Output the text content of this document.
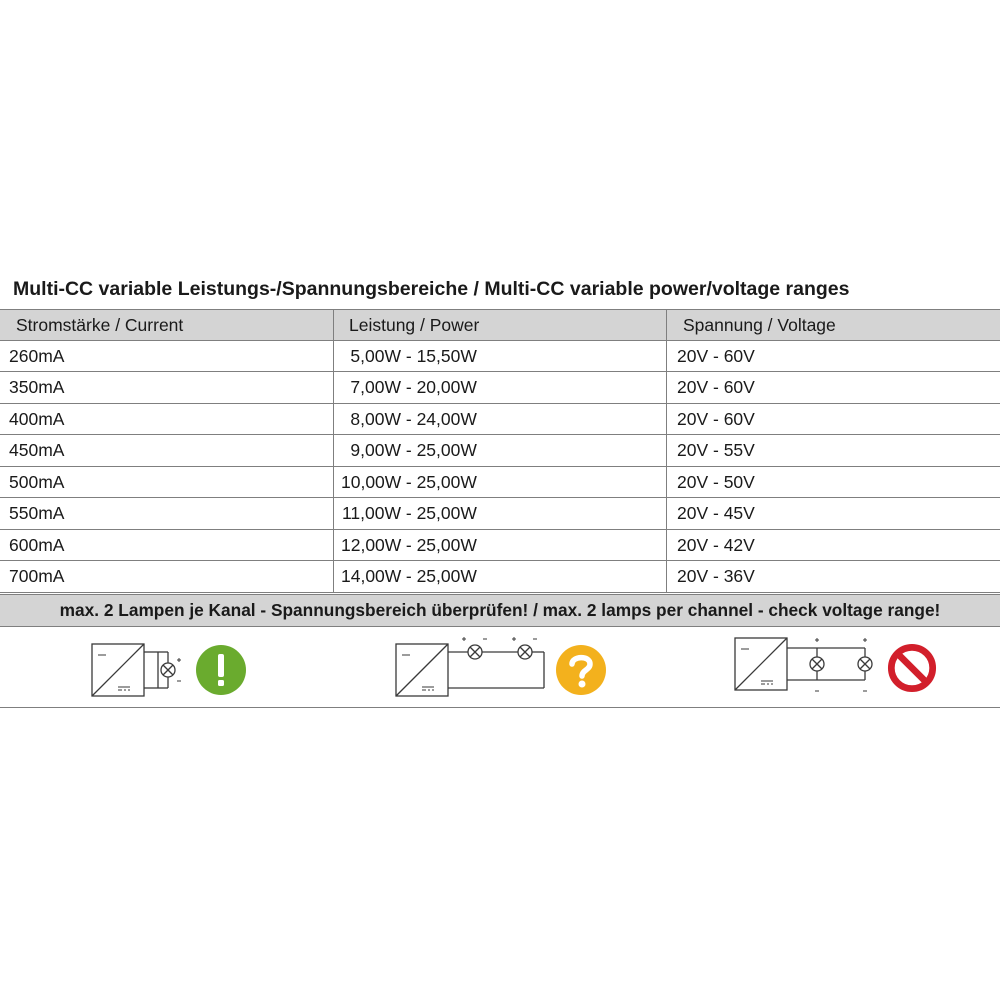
Multi-CC variable Leistungs-/Spannungsbereiche / Multi-CC variable power/voltage ranges
Stromstärke / Current	Leistung / Power	Spannung / Voltage
260mA	5,00W - 15,50W	20V - 60V
350mA	7,00W - 20,00W	20V - 60V
400mA	8,00W - 24,00W	20V - 60V
450mA	9,00W - 25,00W	20V - 55V
500mA	10,00W - 25,00W	20V - 50V
550mA	11,00W - 25,00W	20V - 45V
600mA	12,00W - 25,00W	20V - 42V
700mA	14,00W - 25,00W	20V - 36V
max. 2 Lampen je Kanal - Spannungsbereich überprüfen! / max. 2 lamps per channel - check voltage range!
